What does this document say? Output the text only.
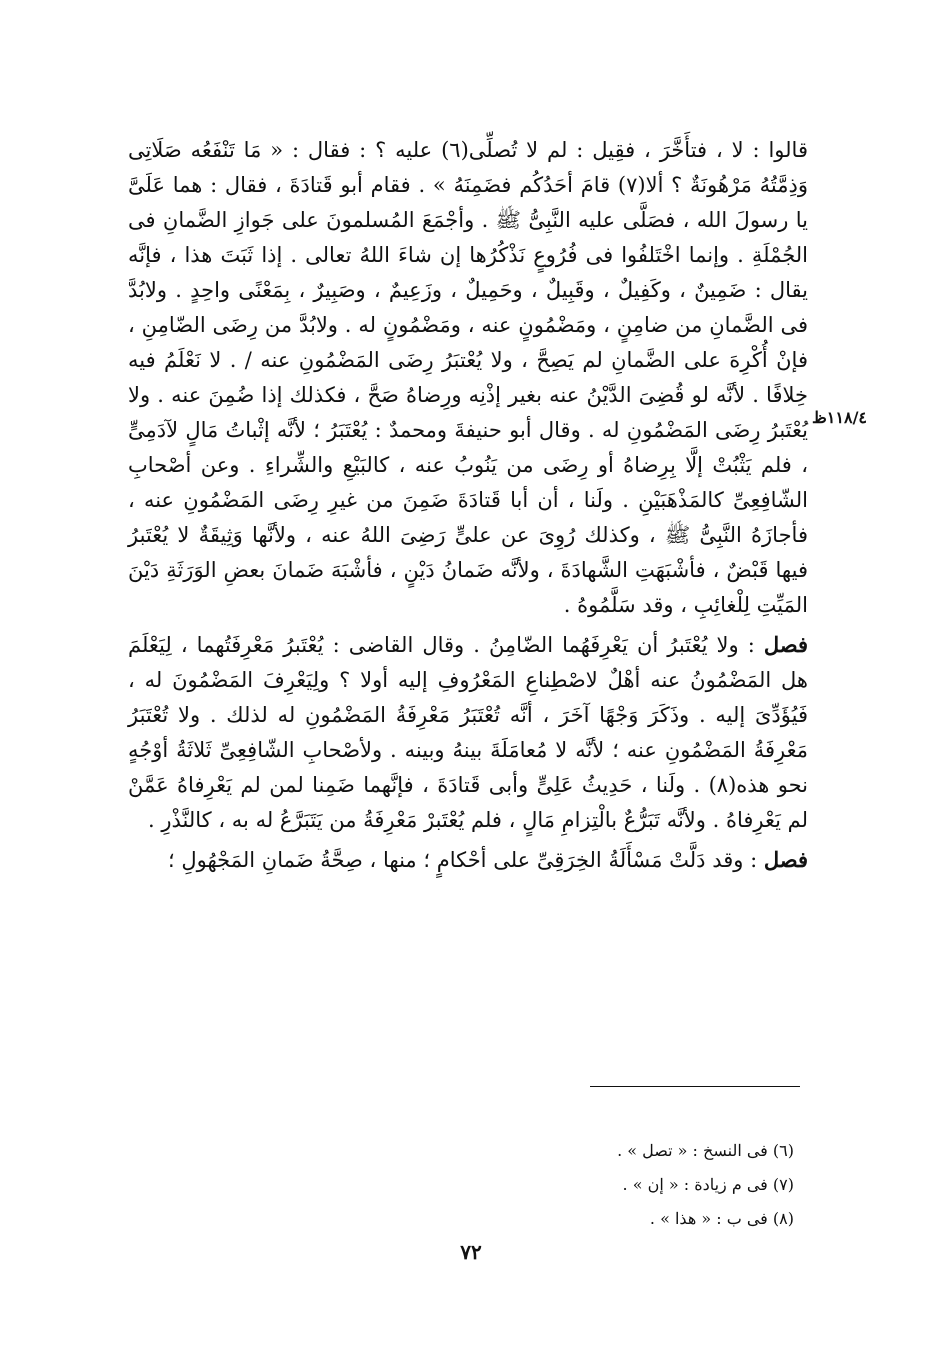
١١٨/٤ظ

قالوا : لا ، فتأَخَّرَ ، فقِيل : لم لا تُصلِّى(٦) عليه ؟ : فقال : « مَا تَنْفَعُه صَلَاتِى وَذِمَّتُهُ مَرْهُونَةٌ ؟ ألا(٧) قامَ أحَدُكُم فضَمِنَهُ » . فقام أبو قَتادَةَ ، فقال : هما عَلَىَّ يا رسولَ الله ، فصَلَّى عليه النَّبِىُّ ﷺ . وأجْمَعَ المُسلمونَ على جَوازِ الضَّمانِ فى الجُمْلَةِ . وإنما اخْتَلفُوا فى فُرُوعٍ نَذْكُرُها إن شاءَ اللهُ تعالى . إذا ثَبَتَ هذا ، فإنَّه يقال : ضَمِينٌ ، وكَفِيلٌ ، وقَبِيلٌ ، وحَمِيلٌ ، وزَعِيمٌ ، وصَبِيرٌ ، بِمَعْنًى واحِدٍ . ولابُدَّ فى الضَّمانِ من ضامِنٍ ، ومَضْمُونٍ عنه ، ومَضْمُونٍ له . ولابُدَّ من رِضَى الضّامِنِ ، فإنْ أُكْرِهَ على الضَّمانِ لم يَصِحَّ ، ولا يُعْتبَرُ رِضَى المَضْمُونِ عنه / . لا نَعْلَمُ فيه خِلافًا . لأنَّه لو قُضِىَ الدَّيْنُ عنه بغير إذْنِه ورِضاهُ صَحَّ ، فكذلك إذا ضُمِنَ عنه . ولا يُعْتَبرُ رِضَى المَضْمُونِ له . وقال أبو حنيفةَ ومحمدٌ : يُعْتَبَرُ ؛ لأنَّه إثْباتُ مَالٍ لآدَمِىٍّ ، فلم يَثْبُتْ إلَّا بِرِضاهُ أو رِضَى من يَنُوبُ عنه ، كالبَيْعِ والشِّراءِ . وعن أصْحابِ الشّافِعِىِّ كالمَذْهَبَيْنِ . ولَنا ، أن أبا قَتادَةَ ضَمِنَ من غيرِ رِضَى المَضْمُونِ عنه ، فأجازَهُ النَّبِىُّ ﷺ ، وكذلك رُوِىَ عن علىٍّ رَضِىَ اللهُ عنه ، ولأنَّها وَثِيقَةٌ لا يُعْتَبرُ فيها قَبْضٌ ، فأشْبَهَتِ الشَّهادَةَ ، ولأنَّه ضَمانُ دَيْنٍ ، فأشْبَهَ ضَمانَ بعضِ الوَرَثَةِ دَيْنَ المَيِّتِ لِلْغائِبِ ، وقد سَلَّمُوهُ .

فصل : ولا يُعْتَبرُ أن يَعْرِفَهُما الضّامِنُ . وقال القاضى : يُعْتَبرُ مَعْرِفَتُهما ، لِيَعْلَمَ هل المَضْمُونُ عنه أهْلٌ لاصْطِناعِ المَعْرُوفِ إليه أولا ؟ ولِيَعْرِفَ المَضْمُونَ له ، فَيُؤَدِّىَ إليه . وذَكَرَ وَجْهًا آخَرَ ، أنَّه تُعْتَبَرُ مَعْرِفَةُ المَضْمُونِ له لذلك . ولا تُعْتَبَرُ مَعْرِفَةُ المَضْمُونِ عنه ؛ لأنَّه لا مُعامَلَةَ بينهُ وبينه . ولأصْحابِ الشّافِعِىِّ ثَلاثَةُ أوْجُهٍ نحو هذه(٨) . ولَنا ، حَدِيثُ عَلِىٍّ وأبى قَتادَةَ ، فإنَّهما ضَمِنا لمن لم يَعْرِفاهُ عَمَّنْ لم يَعْرِفاهُ . ولأنَّه تَبَرُّعٌ بالْتِزامِ مَالٍ ، فلم يُعْتَبرْ مَعْرِفَةُ من يَتَبَرَّعُ له به ، كالنَّذْرِ .

فصل : وقد دَلَّتْ مَسْأَلَةُ الخِرَقِىِّ على أحْكامٍ ؛ منها ، صِحَّةُ ضَمانِ المَجْهُولِ ؛

(٦) فى النسخ : « تصل » .

(٧) فى م زيادة : « إن » .

(٨) فى ب : « هذا » .

٧٢
